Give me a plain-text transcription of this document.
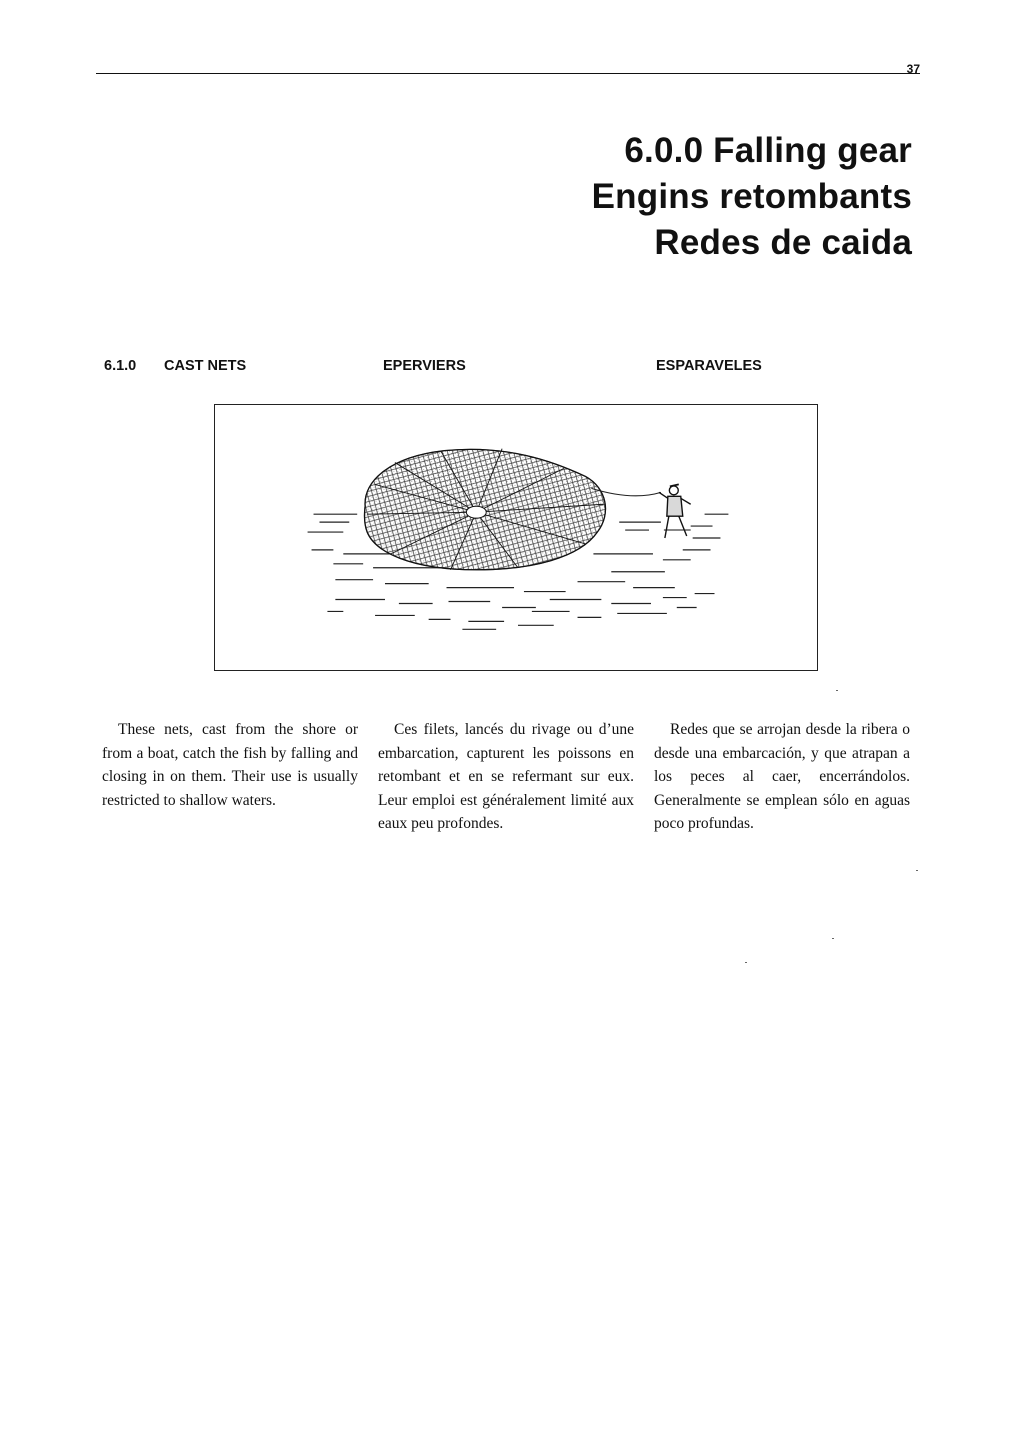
37
6.0.0 Falling gear
Engins retombants
Redes de caida
6.1.0 CAST NETS	EPERVIERS	ESPARAVELES
These nets, cast from the shore or from a boat, catch the fish by falling and closing in on them. Their use is usually restricted to shallow waters.
Ces filets, lancés du rivage ou d’une embarcation, capturent les poissons en retombant et en se refermant sur eux. Leur emploi est généralement limité aux eaux peu profondes.
Redes que se arrojan desde la ribera o desde una embarcación, y que atrapan a los peces al caer, encerrándolos. Generalmente se emplean sólo en aguas poco profundas.
